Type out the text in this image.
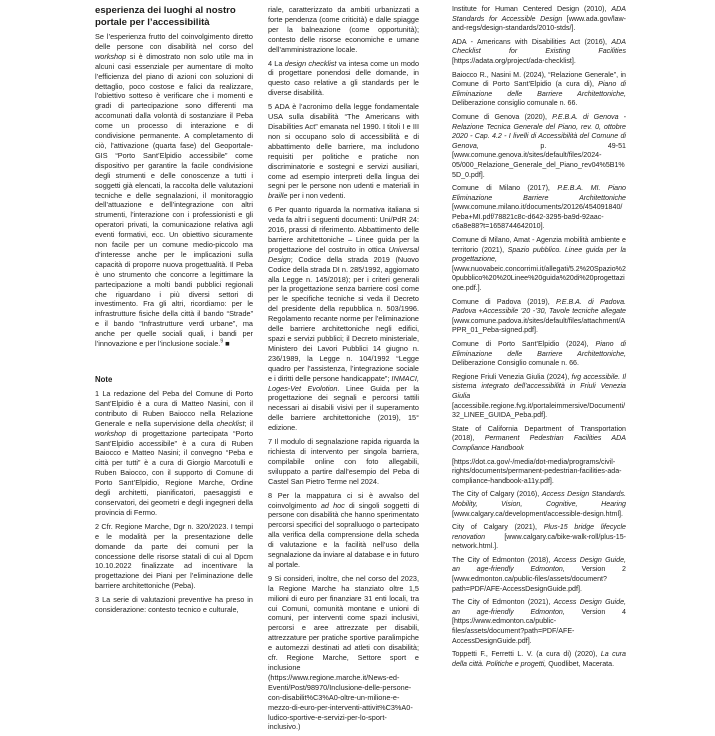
esperienza dei luoghi al nostro portale per l’accessibilità

Se l’esperienza frutto del coinvolgimento diretto delle persone con disabilità nel corso del workshop si è dimostrato non solo utile ma in alcuni casi essenziale per aumentare di molto l’efficienza del piano di azioni con soluzioni di dettaglio, poco costose e falici da realizzare, l’obiettivo sotteso è verificare che i momenti e gradi di partecipazione sono differenti ma accomunati dalla volontà di sostanziare il Peba come un processo di interazione e di condivisione permanente. A completamento di ciò, l’attivazione (quarta fase) del Geoportale-GIS “Porto Sant’Elpidio accessibile” come dispositivo per garantire la facile condivisione degli strumenti e delle conoscenze a tutti i soggetti già elencati, la raccolta delle valutazioni tecniche e delle segnalazioni, il monitoraggio dell’attuazione e dell’integrazione con altri strumenti, l’interazione con i professionisti e gli operatori privati, la comunicazione relativa agli eventi formativi, ecc. Un obiettivo sicuramente non facile per un comune medio-piccolo ma d’interesse anche per le implicazioni sulla capacità di proporre nuova progettualità. Il Peba è uno strumento che concorre a legittimare la partecipazione a molti bandi pubblici regionali che riguardano i più diversi settori di investimento. Fra gli altri, ricordiamo: per le infrastrutture fisiche della città il bando “Strade” e il bando “Infrastrutture verdi urbane”, ma anche per quelle sociali quali, i bandi per l’innovazione e per l’inclusione sociale.$^9$ ■

Note

1 La redazione del Peba del Comune di Porto Sant’Elpidio è a cura di Matteo Nasini, con il contributo di Ruben Baiocco nella Relazione Generale e nella supervisione della checklist; il workshop di progettazione partecipata “Porto Sant’Elpidio accessibile” è a cura di Ruben Baiocco e Matteo Nasini; il convegno “Peba e città per tutti” è a cura di Giorgio Marcotulli e Ruben Baiocco, con il supporto di Comune di Porto Sant’Elpidio, Regione Marche, Ordine degli architetti, pianificatori, paesaggisti e conservatori, dei geometri e degli ingegneri della provincia di Fermo.

2 Cfr. Regione Marche, Dgr n. 320/2023. I tempi e le modalità per la presentazione delle domande da parte dei comuni per la concessione delle risorse statali di cui al Dpcm 10.10.2022 finalizzate ad incentivare la progettazione dei Piani per l’eliminazione delle barriere architettoniche (Peba).

3 La serie di valutazioni preventive ha preso in considerazione: contesto tecnico e culturale,

riale, caratterizzato da ambiti urbanizzati a forte pendenza (come criticità) e dalle spiagge per la balneazione (come opportunità); contesto delle risorse economiche e umane dell’amministrazione locale.

4 La design checklist va intesa come un modo di progettare ponendosi delle domande, in questo caso relative a gli standards per le diverse disabilità.

5 ADA è l’acronimo della legge fondamentale USA sulla disabilità “The Americans with Disabilities Act” emanata nel 1990. I titoli I e III non si occupano solo di accessibilità e di abbattimento delle barriere, ma includono requisiti per politiche e pratiche non discriminatorie e sostegni e servizi ausiliari, come ad esempio interpreti della lingua dei segni per le persone non udenti e materiali in braille per i non vedenti.

6 Per quanto riguarda la normativa italiana si veda fa altri i seguenti documenti: Uni/PdR 24: 2016, prassi di riferimento. Abbattimento delle barriere architettoniche – Linee guida per la progettazione del costruito in ottica Universal Design; Codice della strada 2019 (Nuovo Codice della strada DI n. 285/1992, aggiornato alla Legge n. 145/2018); per i criteri generali per la progettazione senza barriere così come per le specifiche tecniche si veda il Decreto del presidente della repubblica n. 503/1996. Regolamento recante norme per l’eliminazione delle barriere architettoniche negli edifici, spazi e servizi pubblici; il Decreto ministeriale, Ministero dei Lavori Pubblici 14 giugno n. 236/1989, la Legge n. 104/1992 “Legge quadro per l’assistenza, l’integrazione sociale e i diritti delle persone handicappate”; INMACI, Loges-Vet Evolotion. Linee Guida per la progettazione dei segnali e percorsi tattili necessari ai disabili visivi per il superamento delle barriere architettoniche (2019), 15° edizione.

7 Il modulo di segnalazione rapida riguarda la richiesta di intervento per singola barriera, compilabile online con foto allegabili, sviluppato a partire dall’esempio del Peba di Castel San Pietro Terme nel 2024.

8 Per la mappatura ci si è avvalso del coinvolgimento ad hoc di singoli soggetti di persone con disabilità che hanno sperimentato percorsi specifici del sopralluogo o partecipato alla verifica della comprensione della scheda di valutazione e la facilità nell’uso della segnalazione da inviare al database e in futuro al portale.

9 Si consideri, inoltre, che nel corso del 2023, la Regione Marche ha stanziato oltre 1,5 milioni di euro per finanziare 31 enti locali, tra cui Comuni, comunità montane e unioni di comuni, per interventi come spazi inclusivi, percorsi e aree attrezzate per disabili, attrezzature per pratiche sportive paralimpiche e automezzi destinati ad atleti con disabilità; cfr. Regione Marche, Settore sport e inclusione (https://www.regione.marche.it/News-ed-Eventi/Post/98970/Inclusione-delle-persone-con-disabilit%C3%A0-oltre-un-milione-e-mezzo-di-euro-per-interventi-attivit%C3%A0-ludico-sportive-e-servizi-per-lo-sport-inclusivo.)

Institute for Human Centered Design (2010), ADA Standards for Accessible Design [www.ada.gov/law-and-regs/design-standards/2010-stds/].

ADA - Americans with Disabilities Act (2016), ADA Checklist for Existing Facilities [https://adata.org/project/ada-checklist].

Baiocco R., Nasini M. (2024), “Relazione Generale”, in Comune di Porto Sant’Elpidio (a cura di), Piano di Eliminazione delle Barriere Architettoniche, Deliberazione consiglio comunale n. 66.

Comune di Genova (2020), P.E.B.A. di Genova - Relazione Tecnica Generale del Piano, rev. 0, ottobre 2020 - Cap. 4.2 - I livelli di Accessibilità del Comune di Genova, p. 49-51 [www.comune.genova.it/sites/default/files/2024-05/000_Relazione_Generale_del_Piano_rev04%5B1%5D_0.pdf].

Comune di Milano (2017), P.E.B.A. MI. Piano Eliminazione Barriere Architettoniche [www.comune.milano.it/documents/20126/454091840/Peba+MI.pdf/78821c8c-d642-3295-ba9d-92aac-c6a8e88?t=1658744642010].

Comune di Milano, Amat - Agenzia mobilità ambiente e territorio (2021), Spazio pubblico. Linee guida per la progettazione, [www.nuovabeic.concorrimi.it/allegati/5.2%20Spazio%20pubblico%20%20Linee%20guida%20di%20progettazione.pdf.].

Comune di Padova (2019), P.E.B.A. di Padova. Padova +Accessibile ’20 -’30, Tavole tecniche allegate [www.comune.padova.it/sites/default/files/attachment/APPR_01_Peba-signed.pdf].

Comune di Porto Sant’Elpidio (2024), Piano di Eliminazione delle Barriere Architettoniche, Deliberazione Consiglio comunale n. 66.

Regione Friuli Venezia Giulia (2024), fvg accessibile. Il sistema integrato dell’accessibilità in Friuli Venezia Giulia [accessibile.regione.fvg.it/portaleimmersive/Documenti/32_LINEE_GUIDA_Peba.pdf].

State of California Department of Transportation (2018), Permanent Pedestrian Facilities ADA Compliance Handbook

[https://dot.ca.gov/-/media/dot-media/programs/civil-rights/documents/permanent-pedestrian-facilities-ada-compliance-handbook-a11y.pdf].

The City of Calgary (2016), Access Design Standards. Mobility, Vision, Cognitive, Hearing [www.calgary.ca/development/accessible-design.html].

City of Calgary (2021), Plus-15 bridge lifecycle renovation [www.calgary.ca/bike-walk-roll/plus-15-network.html.].

The City of Edmonton (2018), Access Design Guide, an age-friendly Edmonton, Version 2 [www.edmonton.ca/public-files/assets/document?path=PDF/AFE-AccessDesignGuide.pdf].

The City of Edmonton (2021), Access Design Guide, an age-friendly Edmonton, Version 4 [https://www.edmonton.ca/public-files/assets/document?path=PDF/AFE-AccessDesignGuide.pdf].

Toppetti F., Ferretti L. V. (a cura di) (2020), La cura della città. Politiche e progetti, Quodlibet, Macerata.
